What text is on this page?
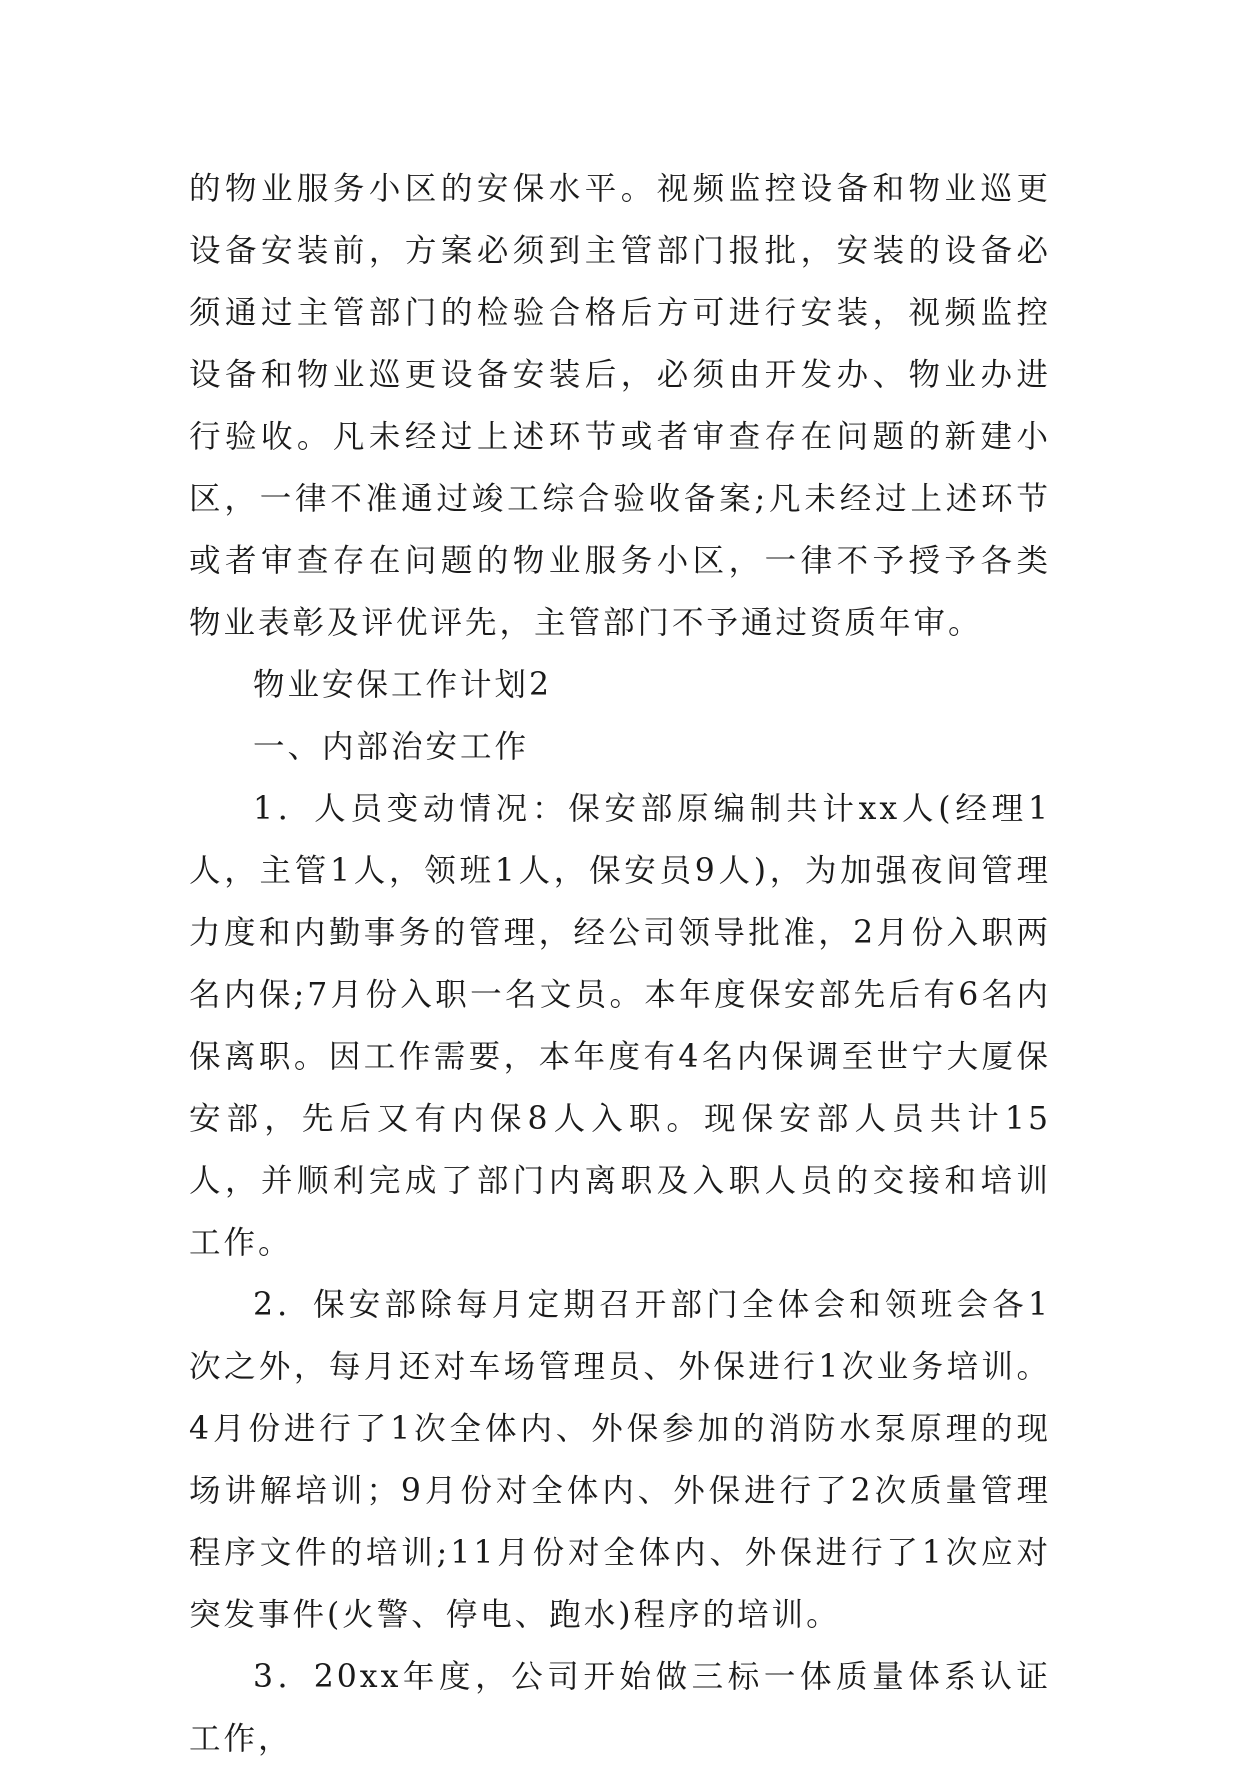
的物业服务小区的安保水平。视频监控设备和物业巡更设备安装前，方案必须到主管部门报批，安装的设备必须通过主管部门的检验合格后方可进行安装，视频监控设备和物业巡更设备安装后，必须由开发办、物业办进行验收。凡未经过上述环节或者审查存在问题的新建小区，一律不准通过竣工综合验收备案;凡未经过上述环节或者审查存在问题的物业服务小区，一律不予授予各类物业表彰及评优评先，主管部门不予通过资质年审。

物业安保工作计划2

一、内部治安工作

1．人员变动情况：保安部原编制共计xx人(经理1人，主管1人，领班1人，保安员9人)，为加强夜间管理力度和内勤事务的管理，经公司领导批准，2月份入职两名内保;7月份入职一名文员。本年度保安部先后有6名内保离职。因工作需要，本年度有4名内保调至世宁大厦保安部，先后又有内保8人入职。现保安部人员共计15人，并顺利完成了部门内离职及入职人员的交接和培训工作。

2．保安部除每月定期召开部门全体会和领班会各1次之外，每月还对车场管理员、外保进行1次业务培训。4月份进行了1次全体内、外保参加的消防水泵原理的现场讲解培训；9月份对全体内、外保进行了2次质量管理程序文件的培训;11月份对全体内、外保进行了1次应对突发事件(火警、停电、跑水)程序的培训。

3．20xx年度，公司开始做三标一体质量体系认证工作，
